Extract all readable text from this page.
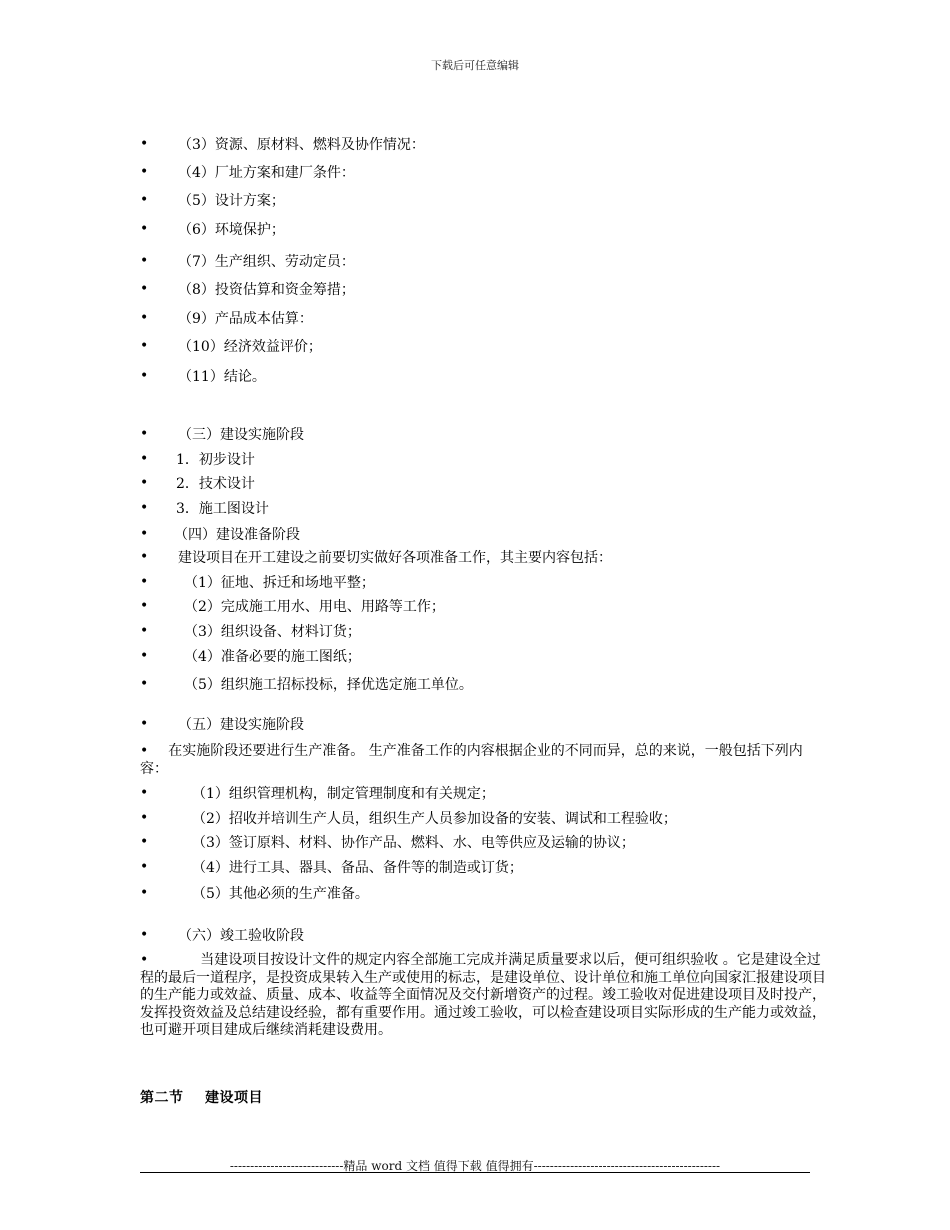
下载后可任意编辑
• （3）资源、原材料、燃料及协作情况：
• （4）厂址方案和建厂条件：
• （5）设计方案；
• （6）环境保护；
• （7）生产组织、劳动定员：
• （8）投资估算和资金筹措；
• （9）产品成本估算：
• （10）经济效益评价；
• （11）结论。
• （三）建设实施阶段
• 1．初步设计
• 2．技术设计
• 3．施工图设计
• （四）建设准备阶段
• 建设项目在开工建设之前要切实做好各项准备工作，其主要内容包括：
•	（1）征地、拆迁和场地平整；
•	（2）完成施工用水、用电、用路等工作；
•	（3）组织设备、材料订货；
•	（4）准备必要的施工图纸；
•	（5）组织施工招标投标，择优选定施工单位。
• （五）建设实施阶段
• 在实施阶段还要进行生产准备。 生产准备工作的内容根据企业的不同而异，总的来说，一般包括下列内容：
•	（1）组织管理机构，制定管理制度和有关规定；
•	（2）招收并培训生产人员，组织生产人员参加设备的安装、调试和工程验收；
•	（3）签订原料、材料、协作产品、燃料、水、电等供应及运输的协议；
•	（4）进行工具、器具、备品、备件等的制造或订货；
•	（5）其他必须的生产准备。
• （六）竣工验收阶段
•	当建设项目按设计文件的规定内容全部施工完成并满足质量要求以后，便可组织验收 。它是建设全过程的最后一道程序，是投资成果转入生产或使用的标志，是建设单位、设计单位和施工单位向国家汇报建设项目的生产能力或效益、质量、成本、收益等全面情况及交付新增资产的过程。竣工验收对促进建设项目及时投产，发挥投资效益及总结建设经验，都有重要作用。通过竣工验收，可以检查建设项目实际形成的生产能力或效益，也可避开项目建成后继续消耗建设费用。
第二节    建设项目
----------------------------精品 word 文档 值得下载 值得拥有----------------------------------------------
